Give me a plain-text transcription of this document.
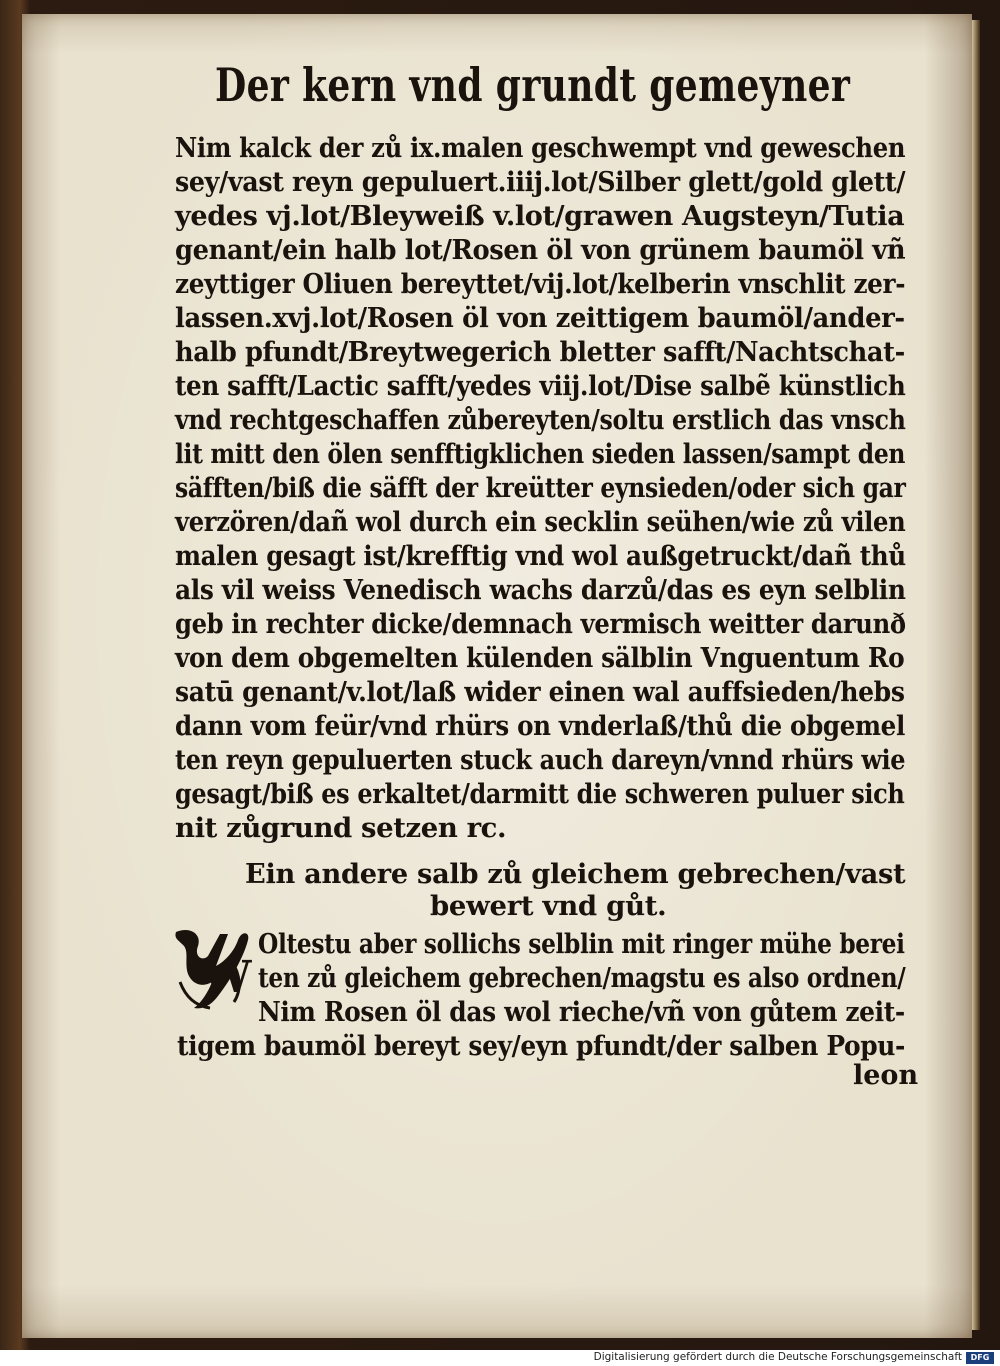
Der kern vnd grundt gemeyner
Nim kalck der zů ix.malen geschwempt vnd geweschen
sey/vast reyn gepuluert.iiij.lot/Silber glett/gold glett/
yedes vj.lot/Bleyweiß v.lot/grawen Augsteyn/Tutia
genant/ein halb lot/Rosen öl von grünem baumöl vñ
zeyttiger Oliuen bereyttet/vij.lot/kelberin vnschlit zer-
lassen.xvj.lot/Rosen öl von zeittigem baumöl/ander-
halb pfundt/Breytwegerich bletter safft/Nachtschat-
ten safft/Lactic safft/yedes viij.lot/Dise salbẽ künstlich
vnd rechtgeschaffen zůbereyten/soltu erstlich das vnsch
lit mitt den ölen senfftigklichen sieden lassen/sampt den
säfften/biß die säfft der kreütter eynsieden/oder sich gar
verzören/dañ wol durch ein secklin seühen/wie zů vilen
malen gesagt ist/krefftig vnd wol außgetruckt/dañ thů
als vil weiss Venedisch wachs darzů/das es eyn selblin
geb in rechter dicke/demnach vermisch weitter darunð
von dem obgemelten külenden sälblin Vnguentum Ro
satū genant/v.lot/laß wider einen wal auffsieden/hebs
dann vom feür/vnd rhürs on vnderlaß/thů die obgemel
ten reyn gepuluerten stuck auch dareyn/vnnd rhürs wie
gesagt/biß es erkaltet/darmitt die schweren puluer sich
nit zůgrund setzen rc.
Ein andere salb zů gleichem gebrechen/vast
bewert vnd gůt.
W
Oltestu aber sollichs selblin mit ringer mühe berei
ten zů gleichem gebrechen/magstu es also ordnen/
Nim Rosen öl das wol rieche/vñ von gůtem zeit-
tigem baumöl bereyt sey/eyn pfundt/der salben Popu-
leon
Digitalisierung gefördert durch die Deutsche Forschungsgemeinschaft	DFG
